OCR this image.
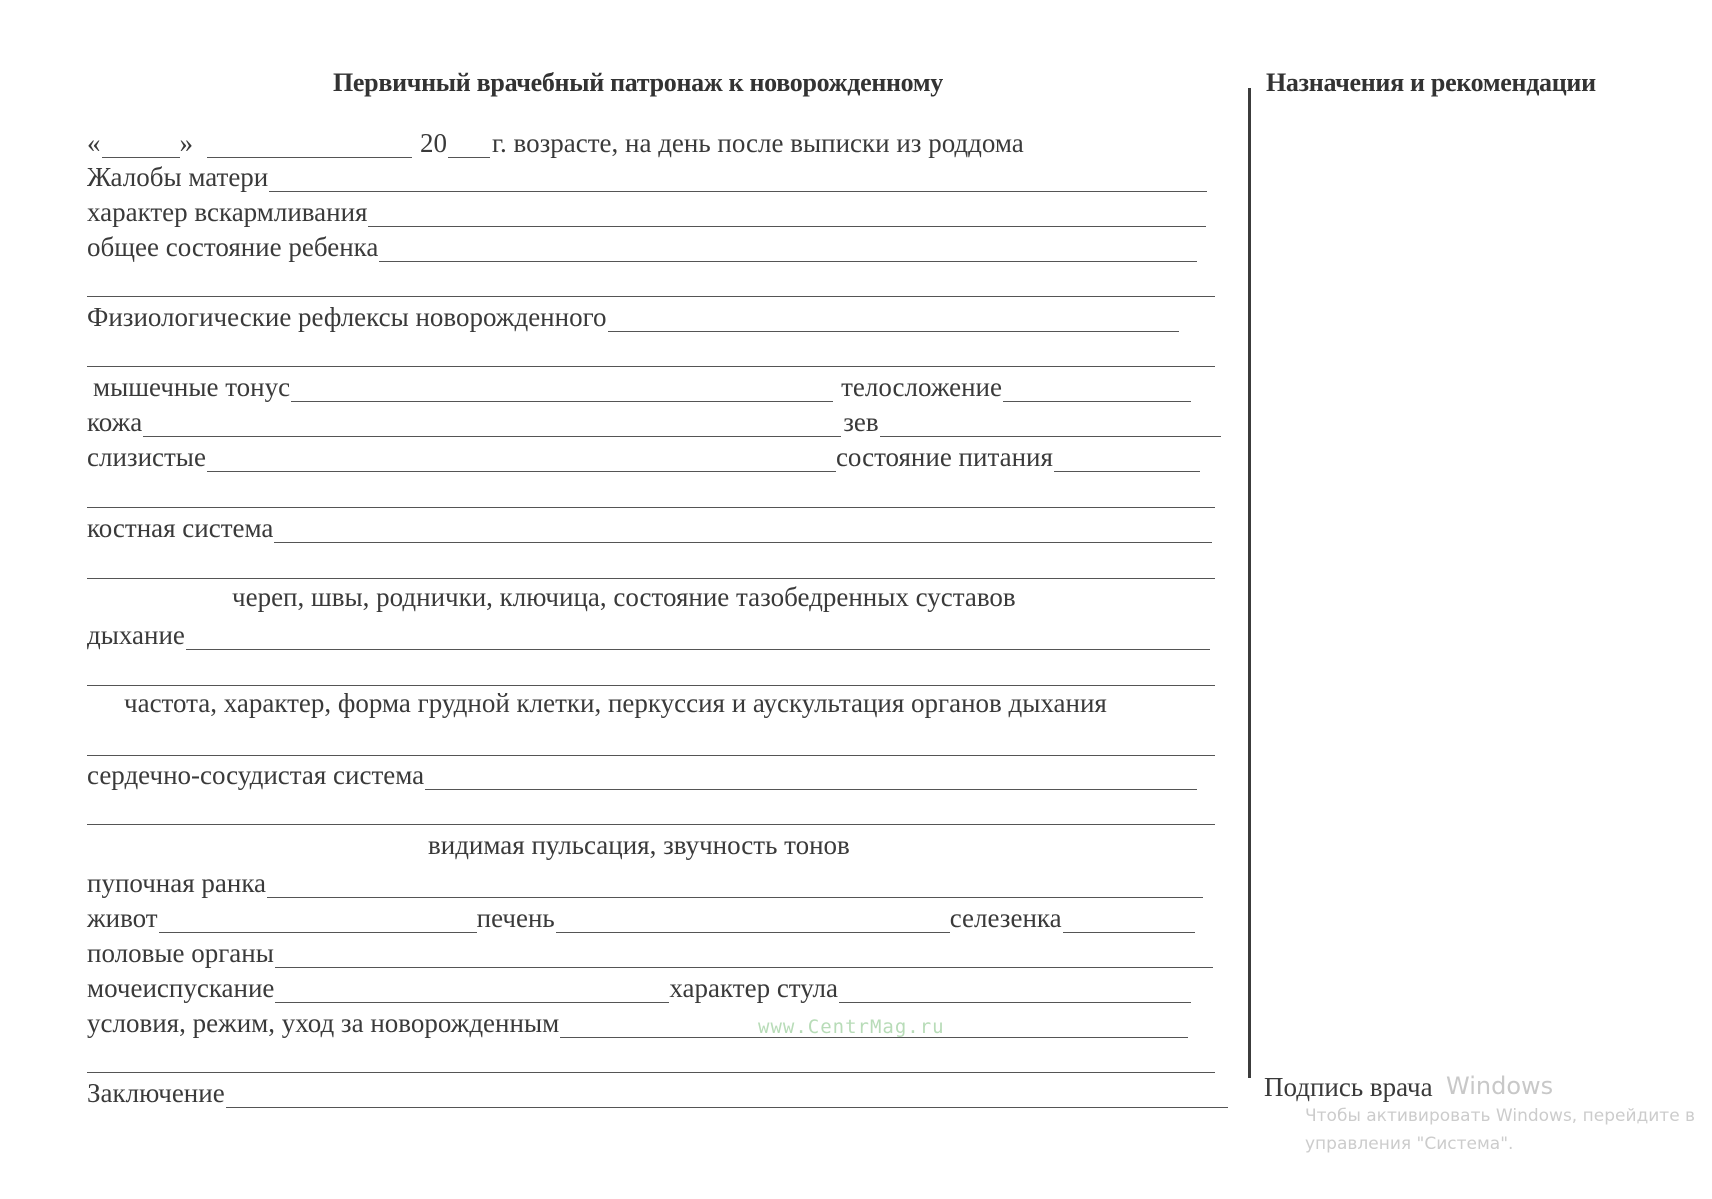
Первичный врачебный патронаж к новорожденному	Назначения и рекомендации
«	»	20 г. возрасте, на день после выписки из роддома
Жалобы матери
характер вскармливания
общее состояние ребенка
Физиологические рефлексы новорожденного
мышечные тонус	телосложение
кожа	зев
слизистые	состояние питания
костная система
череп, швы, роднички, ключица, состояние тазобедренных суставов
дыхание
частота, характер, форма грудной клетки, перкуссия и аускультация органов дыхания
сердечно-сосудистая система
видимая пульсация, звучность тонов
пупочная ранка
живот	печень	селезенка
половые органы
мочеиспускание	характер стула
условия, режим, уход за новорожденным
Заключение	Подпись врача
www.CentrMag.ru
Windows
Чтобы активировать Windows, перейдите в
управления "Система".
